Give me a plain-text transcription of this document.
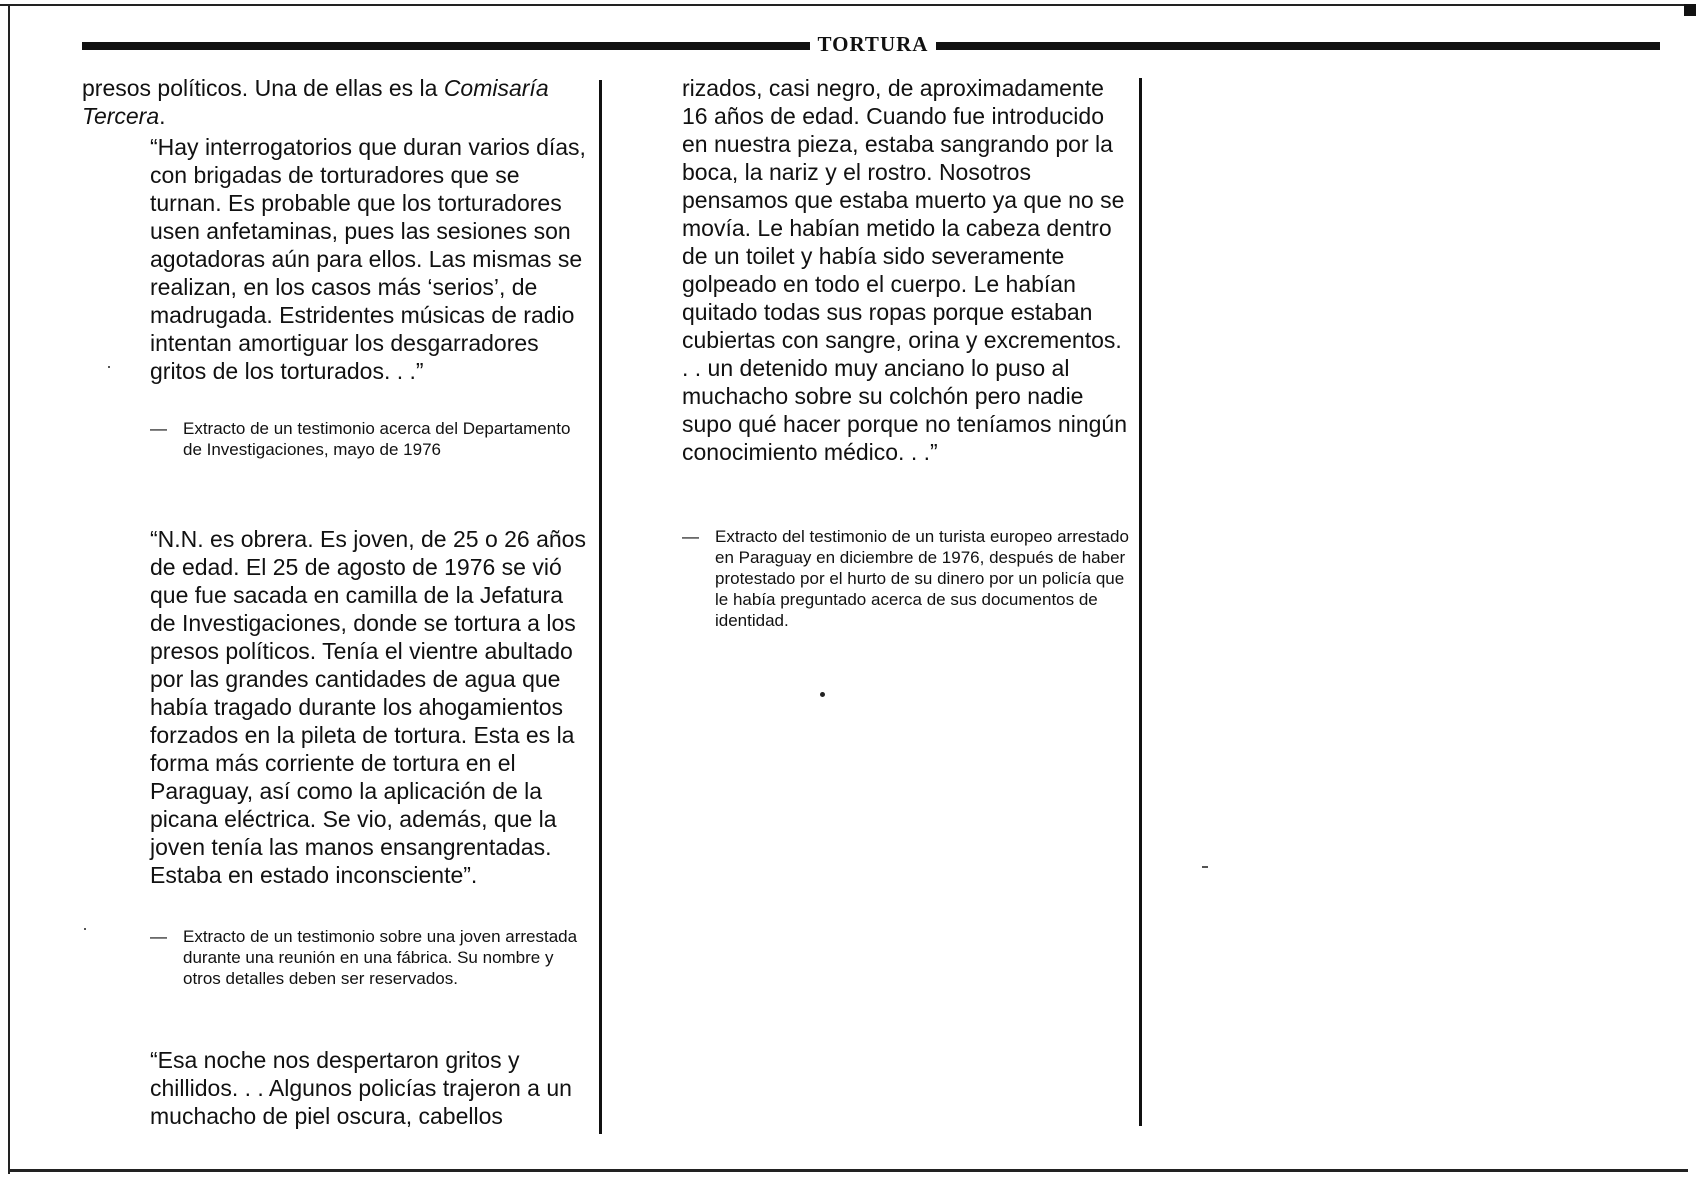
TORTURA

presos políticos. Una de ellas es la Comisaría Tercera.

“Hay interrogatorios que duran varios días, con brigadas de torturadores que se turnan. Es probable que los torturadores usen anfetaminas, pues las sesiones son agotadoras aún para ellos. Las mismas se realizan, en los casos más ‘serios’, de madrugada. Estridentes músicas de radio intentan amortiguar los desgarradores gritos de los torturados. . .”

— Extracto de un testimonio acerca del Departamento de Investigaciones, mayo de 1976

“N.N. es obrera. Es joven, de 25 o 26 años de edad. El 25 de agosto de 1976 se vió que fue sacada en camilla de la Jefatura de Investigaciones, donde se tortura a los presos políticos. Tenía el vientre abultado por las grandes cantidades de agua que había tragado durante los ahogamientos forzados en la pileta de tortura. Esta es la forma más corriente de tortura en el Paraguay, así como la aplicación de la picana eléctrica. Se vio, además, que la joven tenía las manos ensangrentadas. Estaba en estado inconsciente”.

— Extracto de un testimonio sobre una joven arrestada durante una reunión en una fábrica. Su nombre y otros detalles deben ser reservados.

“Esa noche nos despertaron gritos y chillidos. . . Algunos policías trajeron a un muchacho de piel oscura, cabellos

rizados, casi negro, de aproximadamente 16 años de edad. Cuando fue introducido en nuestra pieza, estaba sangrando por la boca, la nariz y el rostro. Nosotros pensamos que estaba muerto ya que no se movía. Le habían metido la cabeza dentro de un toilet y había sido severamente golpeado en todo el cuerpo. Le habían quitado todas sus ropas porque estaban cubiertas con sangre, orina y excrementos. . . un detenido muy anciano lo puso al muchacho sobre su colchón pero nadie supo qué hacer porque no teníamos ningún conocimiento médico. . .”

— Extracto del testimonio de un turista europeo arrestado en Paraguay en diciembre de 1976, después de haber protestado por el hurto de su dinero por un policía que le había preguntado acerca de sus documentos de identidad.
